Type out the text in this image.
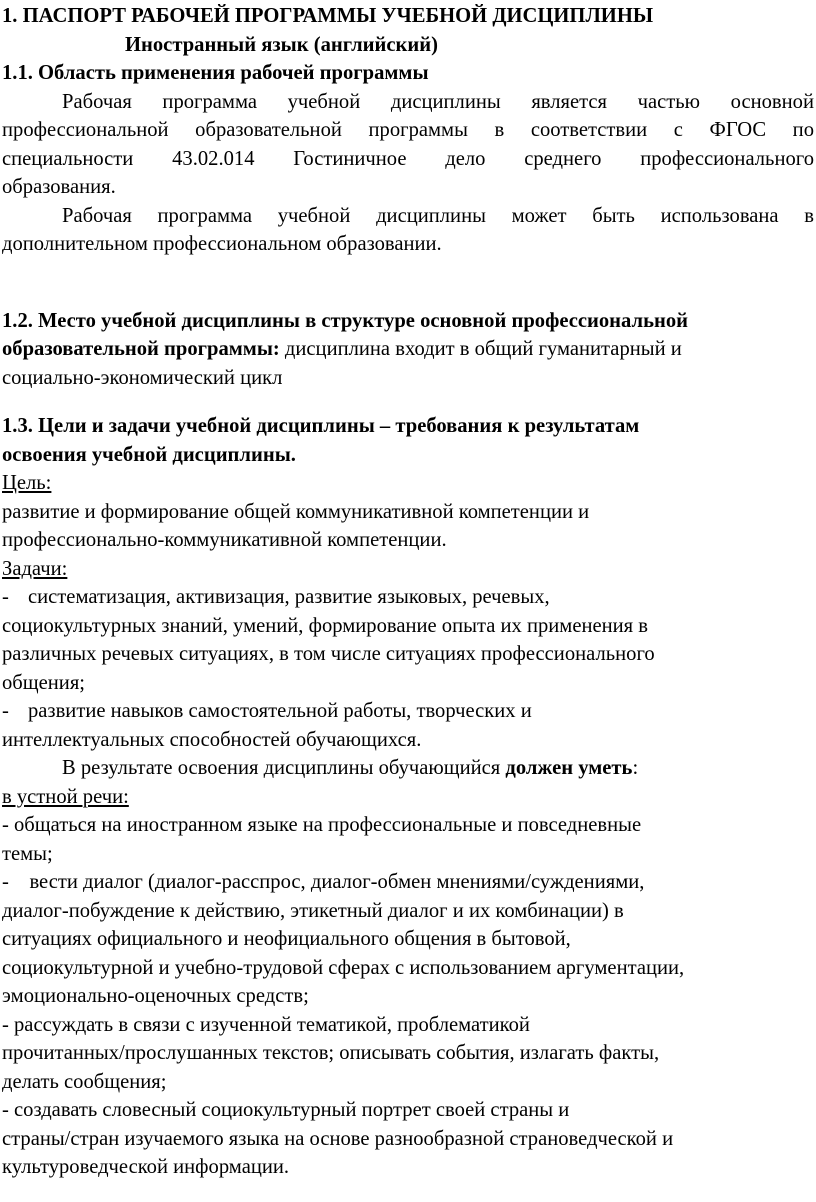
1. ПАСПОРТ РАБОЧЕЙ ПРОГРАММЫ УЧЕБНОЙ ДИСЦИПЛИНЫ
Иностранный язык (английский)
1.1. Область применения рабочей программы
Рабочая программа учебной дисциплины является частью основной
профессиональной образовательной программы в соответствии с ФГОС по
специальности 43.02.014 Гостиничное дело среднего профессионального
образования.
Рабочая программа учебной дисциплины может быть использована в
дополнительном профессиональном образовании.
1.2. Место учебной дисциплины в структуре основной профессиональной
образовательной программы: дисциплина входит в общий гуманитарный и
социально-экономический цикл
1.3. Цели и задачи учебной дисциплины – требования к результатам
освоения учебной дисциплины.
Цель:
развитие и формирование общей коммуникативной компетенции и
профессионально-коммуникативной компетенции.
Задачи:
- систематизация, активизация, развитие языковых, речевых,
социокультурных знаний, умений, формирование опыта их применения в
различных речевых ситуациях, в том числе ситуациях профессионального
общения;
- развитие навыков самостоятельной работы, творческих и
интеллектуальных способностей обучающихся.
В результате освоения дисциплины обучающийся должен уметь:
в устной речи:
- общаться на иностранном языке на профессиональные и повседневные
темы;
-    вести диалог (диалог-расспрос, диалог-обмен мнениями/суждениями,
диалог-побуждение к действию, этикетный диалог и их комбинации) в
ситуациях официального и неофициального общения в бытовой,
социокультурной и учебно-трудовой сферах с использованием аргументации,
эмоционально-оценочных средств;
- рассуждать в связи с изученной тематикой, проблематикой
прочитанных/прослушанных текстов; описывать события, излагать факты,
делать сообщения;
- создавать словесный социокультурный портрет своей страны и
страны/стран изучаемого языка на основе разнообразной страноведческой и
культуроведческой информации.
